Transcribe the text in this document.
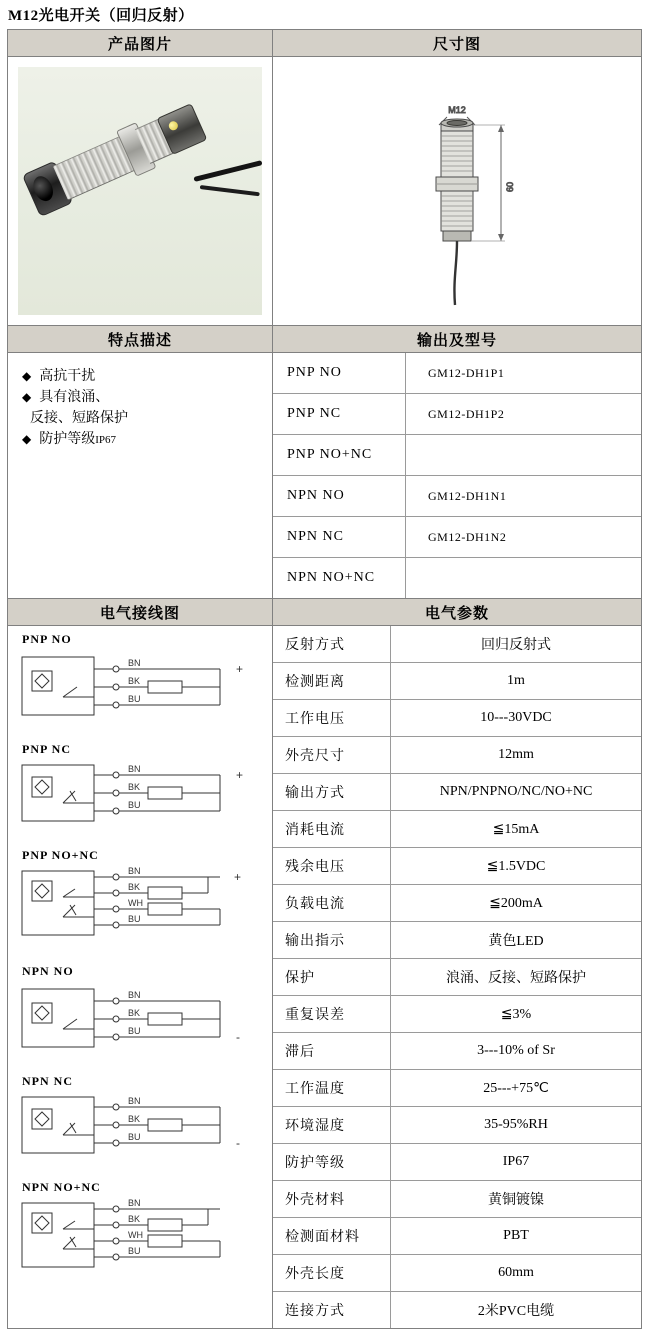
M12光电开关（回归反射）
产品图片	尺寸图

M12
60

特点描述	输出及型号

◆ 高抗干扰
◆ 具有浪涌、
反接、短路保护
◆ 防护等级IP67

PNP NO	GM12-DH1P1
PNP NC	GM12-DH1P2
PNP NO+NC	
NPN NO	GM12-DH1N1
NPN NC	GM12-DH1N2
NPN NO+NC	

电气接线图	电气参数

PNP NO
BN
BK
BU
+
PNP NC
BN
BK
BU
+
PNP NO+NC
BN
BK
WH
BU
+
NPN NO
BN
BK
BU	-
NPN NC
BN
BK
BU	-
NPN NO+NC
BN
BK
WH
BU

反射方式	回归反射式
检测距离	1m
工作电压	10---30VDC
外壳尺寸	12mm
输出方式	NPN/PNPNO/NC/NO+NC
消耗电流	≦15mA
残余电压	≦1.5VDC
负载电流	≦200mA
输出指示	黄色LED
保护	浪涌、反接、短路保护
重复误差	≦3%
滞后	3---10% of Sr
工作温度	25---+75℃
环境湿度	35-95%RH
防护等级	IP67
外壳材料	黄铜镀镍
检测面材料	PBT
外壳长度	60mm
连接方式	2米PVC电缆
